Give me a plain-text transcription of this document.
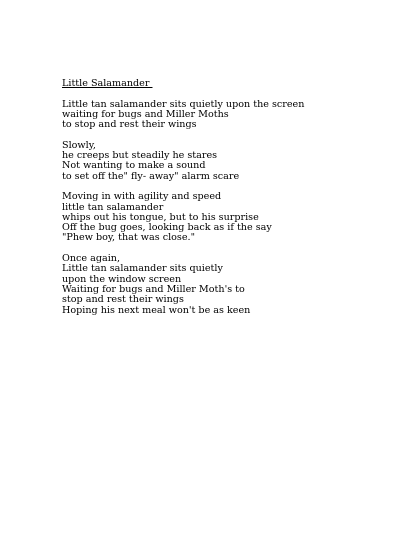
Little Salamander
Little tan salamander sits quietly upon the screen
waiting for bugs and Miller Moths
to stop and rest their wings
Slowly,
he creeps but steadily he stares
Not wanting to make a sound
to set off the" fly- away" alarm scare
Moving in with agility and speed
little tan salamander
whips out his tongue, but to his surprise
Off the bug goes, looking back as if the say
"Phew boy, that was close."
Once again,
Little tan salamander sits quietly
upon the window screen
Waiting for bugs and Miller Moth's to
stop and rest their wings
Hoping his next meal won't be as keen
